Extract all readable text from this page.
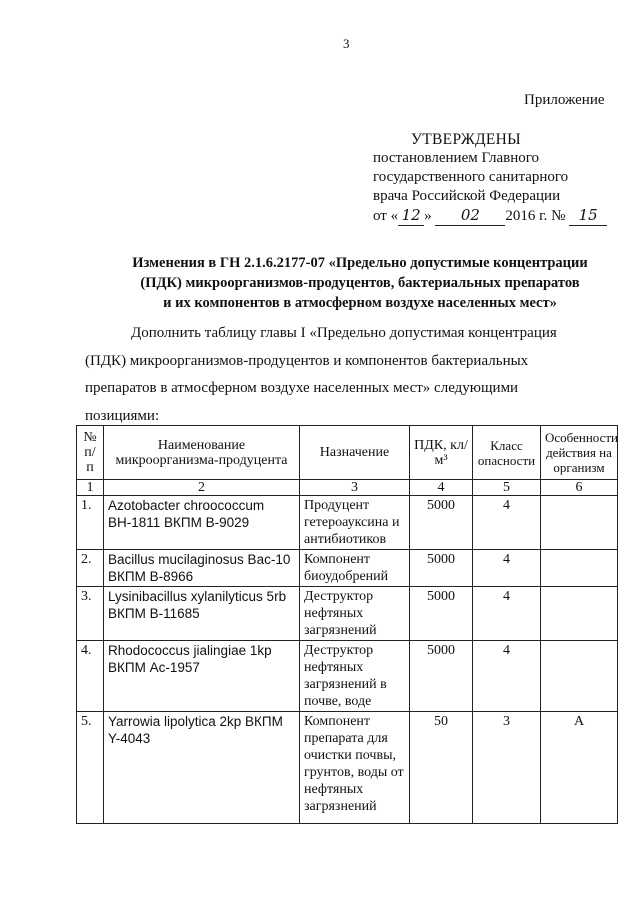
3
Приложение
УТВЕРЖДЕНЫ
постановлением Главного
государственного санитарного
врача Российской Федерации
от « 12 » 02 2016 г. № 15
Изменения в ГН 2.1.6.2177-07 «Предельно допустимые концентрации
(ПДК) микроорганизмов-продуцентов, бактериальных препаратов
и их компонентов в атмосферном воздухе населенных мест»

Дополнить таблицу главы I «Предельно допустимая концентрация

(ПДК) микроорганизмов-продуцентов и компонентов бактериальных

препаратов в атмосферном воздухе населенных мест» следующими

позициями:

№ п/п	Наименование микроорганизма-продуцента	Назначение	ПДК, кл/м³	Класс опасности	Особенности действия на организм
1	2	3	4	5	6
1.	Azotobacter chroococcum ВН-1811 ВКПМ В-9029	Продуцент гетероауксина и антибиотиков	5000	4	
2.	Bacillus mucilaginosus Вас-10 ВКПМ В-8966	Компонент биоудобрений	5000	4	
3.	Lysinibacillus xylanilyticus 5rb ВКПМ В-11685	Деструктор нефтяных загрязнений	5000	4	
4.	Rhodococcus jialingiae 1kp ВКПМ Ас-1957	Деструктор нефтяных загрязнений в почве, воде	5000	4	
5.	Yarrowia lipolytica 2kp ВКПМ Y-4043	Компонент препарата для очистки почвы, грунтов, воды от нефтяных загрязнений	50	3	А
